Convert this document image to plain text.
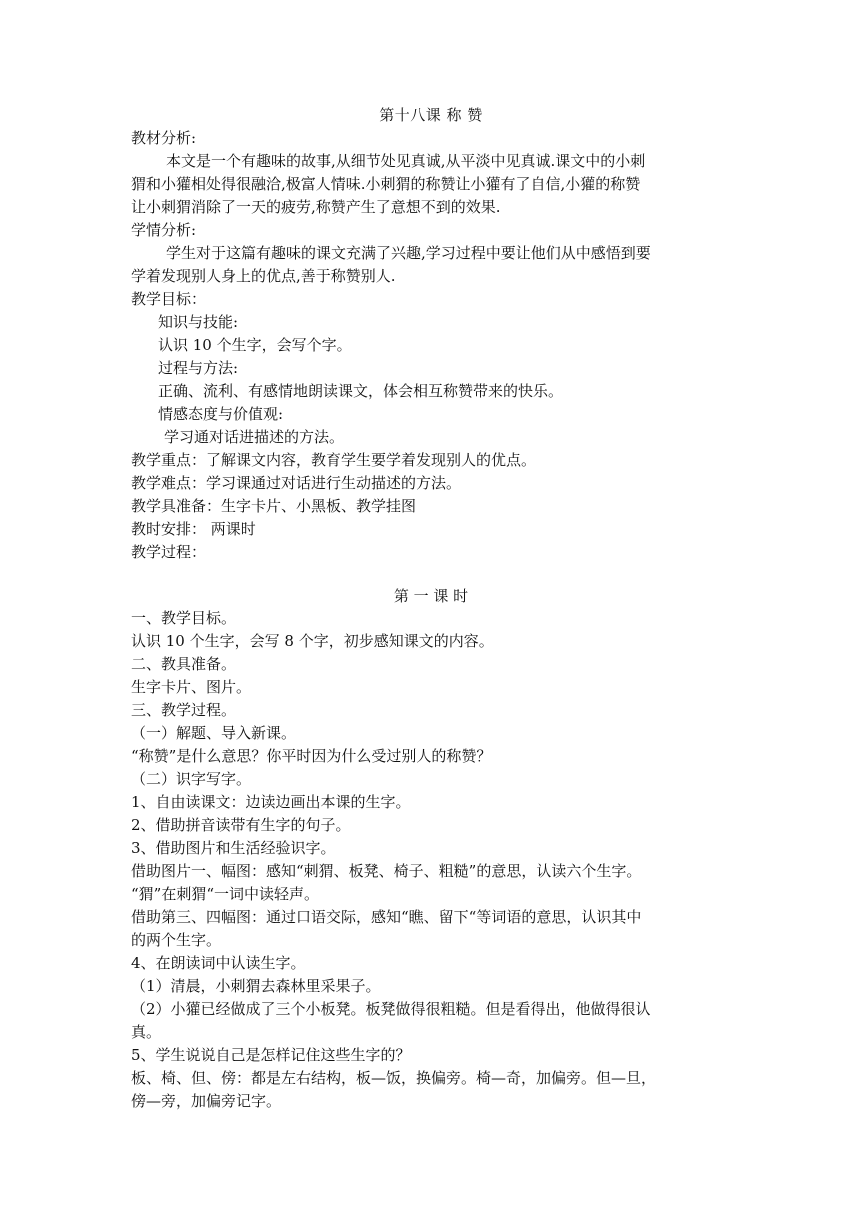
第十八课 称 赞
教材分析:
本文是一个有趣味的故事,从细节处见真诚,从平淡中见真诚.课文中的小刺
猬和小獾相处得很融洽,极富人情味.小刺猬的称赞让小獾有了自信,小獾的称赞
让小刺猬消除了一天的疲劳,称赞产生了意想不到的效果.
学情分析:
学生对于这篇有趣味的课文充满了兴趣,学习过程中要让他们从中感悟到要
学着发现别人身上的优点,善于称赞别人.
教学目标：
知识与技能:
认识 10 个生字，会写个字。
过程与方法:
正确、流利、有感情地朗读课文，体会相互称赞带来的快乐。
情感态度与价值观:
学习通对话进描述的方法。
教学重点：了解课文内容，教育学生要学着发现别人的优点。
教学难点：学习课通过对话进行生动描述的方法。
教学具准备：生字卡片、小黑板、教学挂图
教时安排： 两课时
教学过程：
第 一 课 时
一、教学目标。
认识 10 个生字，会写 8 个字，初步感知课文的内容。
二、教具准备。
生字卡片、图片。
三、教学过程。
（一）解题、导入新课。
“称赞”是什么意思？你平时因为什么受过别人的称赞？
（二）识字写字。
1、自由读课文：边读边画出本课的生字。
2、借助拼音读带有生字的句子。
3、借助图片和生活经验识字。
借助图片一、幅图：感知“刺猬、板凳、椅子、粗糙”的意思，认读六个生字。
“猬”在刺猬“一词中读轻声。
借助第三、四幅图：通过口语交际，感知“瞧、留下“等词语的意思，认识其中
的两个生字。
4、在朗读词中认读生字。
（1）清晨，小刺猬去森林里采果子。
（2）小獾已经做成了三个小板凳。板凳做得很粗糙。但是看得出，他做得很认
真。
5、学生说说自己是怎样记住这些生字的？
板、椅、但、傍：都是左右结构，板—饭，换偏旁。椅—奇，加偏旁。但—旦，
傍—旁，加偏旁记字。
